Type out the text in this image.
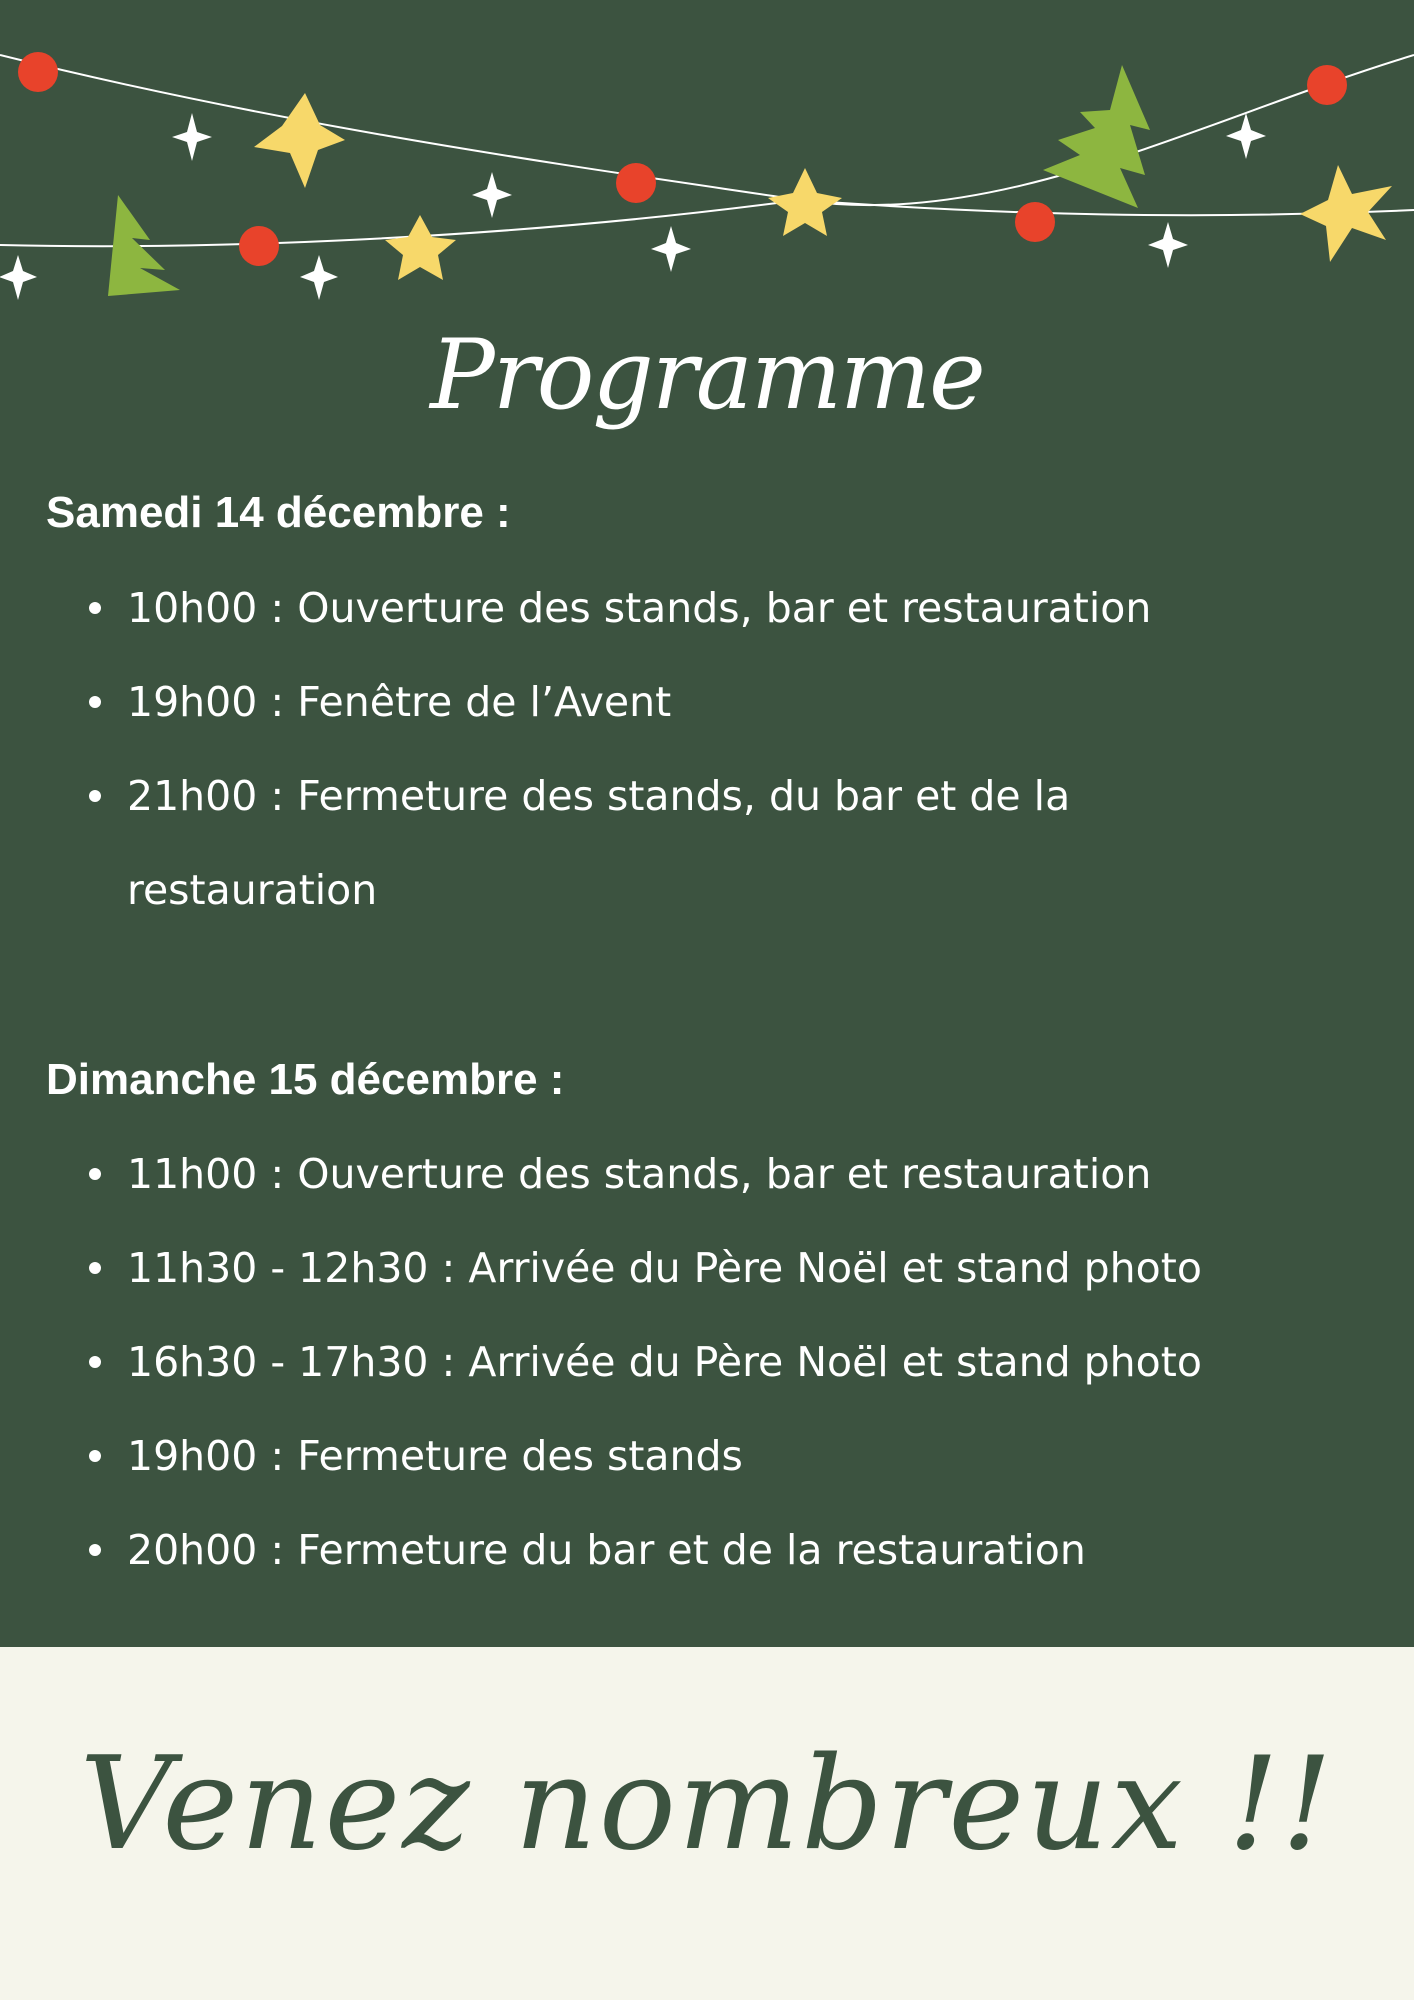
Programme
Samedi 14 décembre :
10h00 : Ouverture des stands, bar et restauration
19h00 : Fenêtre de l’Avent
21h00 : Fermeture des stands, du bar et de la restauration
Dimanche 15 décembre :
11h00 : Ouverture des stands, bar et restauration
11h30 - 12h30 : Arrivée du Père Noël et stand photo
16h30 - 17h30 : Arrivée du Père Noël et stand photo
19h00 : Fermeture des stands
20h00 : Fermeture du bar et de la restauration
Venez nombreux !!
